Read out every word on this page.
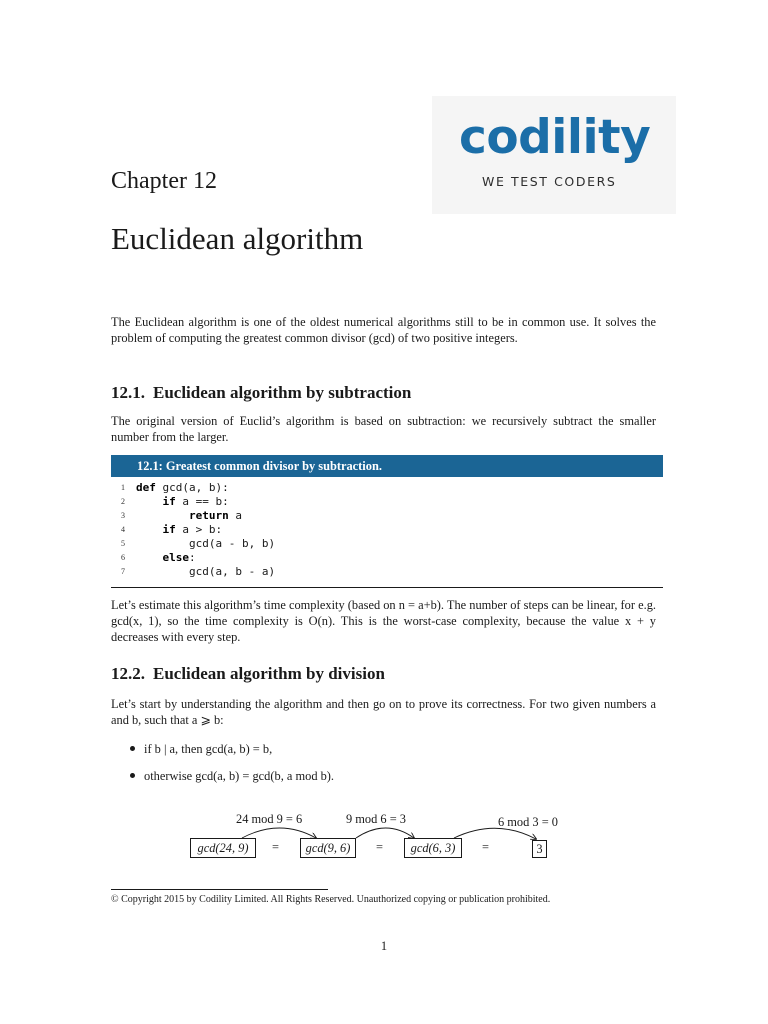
codility
WE TEST CODERS
Chapter 12
Euclidean algorithm
The Euclidean algorithm is one of the oldest numerical algorithms still to be in common use. It solves the problem of computing the greatest common divisor (gcd) of two positive integers.
12.1. Euclidean algorithm by subtraction
The original version of Euclid’s algorithm is based on subtraction: we recursively subtract the smaller number from the larger.
12.1: Greatest common divisor by subtraction.
1 def gcd(a, b):
2	if a == b:
3	return a
4	if a > b:
5 gcd(a - b, b)
6	else:
7 gcd(a, b - a)
Let’s estimate this algorithm’s time complexity (based on n = a+b). The number of steps can be linear, for e.g. gcd(x, 1), so the time complexity is O(n). This is the worst-case complexity, because the value x + y decreases with every step.
12.2. Euclidean algorithm by division
Let’s start by understanding the algorithm and then go on to prove its correctness. For two given numbers a and b, such that a ⩾ b:
if b | a, then gcd(a, b) = b,
otherwise gcd(a, b) = gcd(b, a mod b).
24 mod 9 = 6	9 mod 6 = 3	6 mod 3 = 0
gcd(24, 9)	=	gcd(9, 6)	=	gcd(6, 3)	=	3
© Copyright 2015 by Codility Limited. All Rights Reserved. Unauthorized copying or publication prohibited.
1
